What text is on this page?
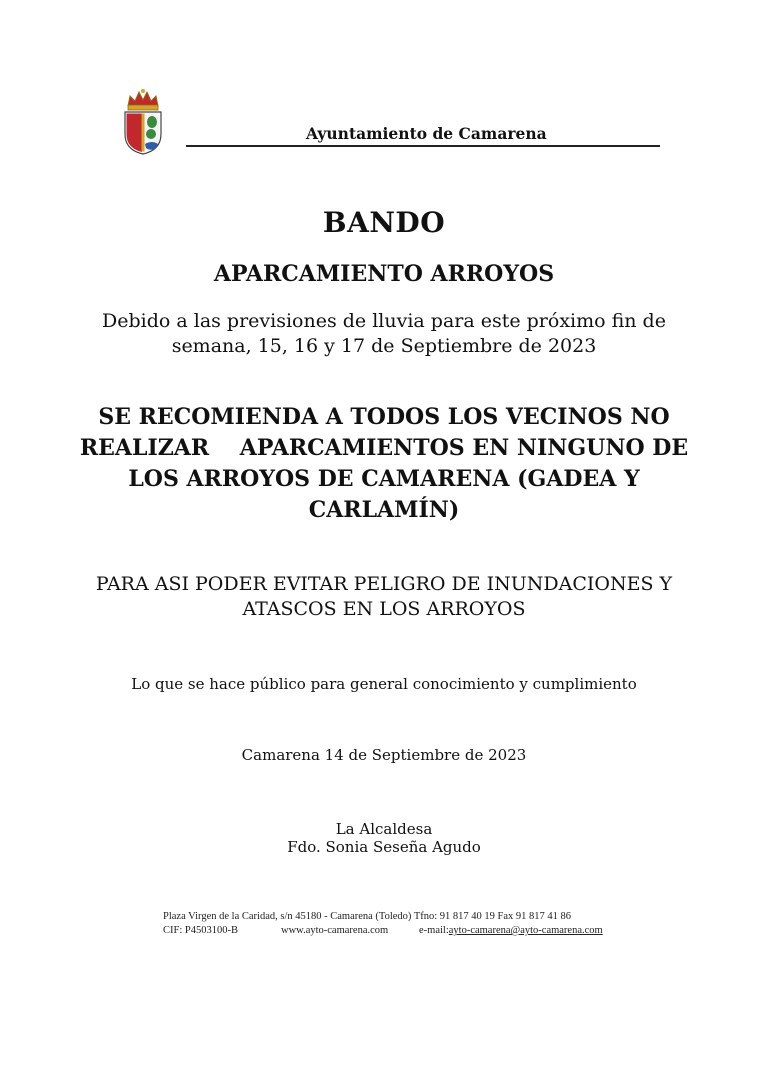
Ayuntamiento de Camarena
BANDO
APARCAMIENTO ARROYOS
Debido a las previsiones de lluvia para este próximo fin de
semana, 15, 16 y 17 de Septiembre de 2023
SE RECOMIENDA A TODOS LOS VECINOS NO
REALIZAR    APARCAMIENTOS EN NINGUNO DE
LOS ARROYOS DE CAMARENA (GADEA Y
CARLAMÍN)
PARA ASI PODER EVITAR PELIGRO DE INUNDACIONES Y
ATASCOS EN LOS ARROYOS
Lo que se hace público para general conocimiento y cumplimiento
Camarena 14 de Septiembre de 2023
La Alcaldesa
Fdo. Sonia Seseña Agudo
Plaza Virgen de la Caridad, s/n 45180 - Camarena (Toledo) Tfno: 91 817 40 19 Fax 91 817 41 86
CIF: P4503100-B	www.ayto-camarena.com	e-mail:ayto-camarena@ayto-camarena.com
